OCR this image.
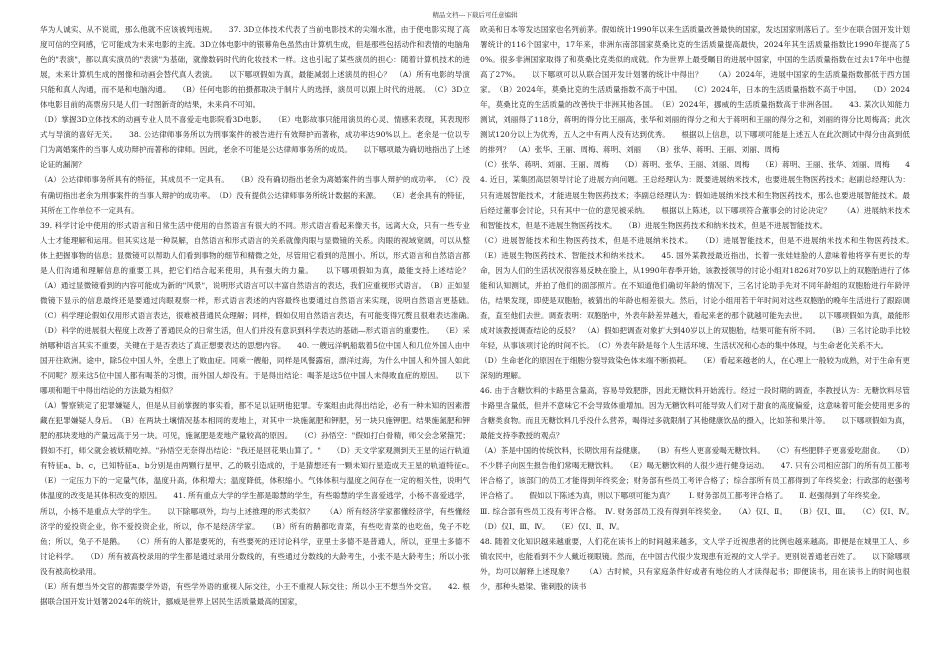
精品文档---下载后可任意编辑

华为人诚实、从不说谎，那么他就不应该被判违规。　　37. 3D立体技术代表了当前电影技术的尖端水准，由于使电影实现了高度可信的空间感，它可能成为未来电影的主流。3D立体电影中的银幕角色虽然由计算机生成，但是那些包括动作和表情的电脑角色的"表演"，都以真实演员的"表演"为基础，就像数码时代的化妆技术一样。这也引起了某些演员的担心：随着计算机技术的进展，未来计算机生成的图像和动画会替代真人表演。　　以下哪项假如为真，最能减弱上述演员的担心？　（A）所有电影的导演只能和真人沟通，而不是和电脑沟通。　　（B）任何电影的拍摄都取决于制片人的选择，演员可以跟上时代的进展。　（C）3D立体电影目前的高票房只是人们一时图新奇的结果，未来尚不可知。

（D）掌握3D立体技术的动画专业人员不喜爱走电影院看3D电影。　　（E）电影故事只能用演员的心灵、情感来表现，其表现形式与导演的喜好无关。　　38. 公达律师事务所以为刑事案件的被告进行有效辩护而著称，成功率达90%以上。老余是一位以专门为离婚案件的当事人成功辩护而著称的律师。因此，老余不可能是公达律师事务所的成员。　　以下哪项最为确切地指出了上述论证的漏洞？

（A）公达律师事务所具有的特征，其成员不一定具有。　　（B）没有确切指出老余为离婚案件的当事人辩护的成功率。　（C）没有确切指出老余为刑事案件的当事人辩护的成功率。　（D）没有提供公达律师事务所统计数据的来源。　　（E）老余具有的特征，其所在工作单位不一定具有。

39. 科学讨论中使用的形式语言和日常生活中使用的自然语言有很大的不同。形式语言看起来像天书，远离大众，只有一些专业人士才能理解和运用。但其实这是一种误解，自然语言和形式语言的关系就像肉眼与显微镜的关系。肉眼的视域宽阔，可以从整体上把握事物的信息；显微镜可以帮助人们看到事物的细节和精微之处，尽管用它看到的范围小。所以，形式语言和自然语言都是人们沟通和理解信息的重要工具，把它们结合起来使用，具有强大的力量。　　以下哪项假如为真，最能支持上述结论？　　（A）通过显微镜看到的内容可能成为新的"风景"，说明形式语言可以丰富自然语言的表达，我们应重视形式语言。　（B）正如显微镜下显示的信息最终还是要通过肉眼观察一样，形式语言表述的内容最终也要通过自然语言来实现，说明自然语言更基础。　　（C）科学理论假如仅用形式语言表达，很难被普通民众理解；同样，假如仅用自然语言表达，有可能变得冗赘且很难表达准确。　　（D）科学的进展很大程度上改善了普通民众的日常生活，但人们并没有意识到科学表达的基础—形式语言的重要性。　　（E）采纳哪种语言其实不重要，关键在于是否表达了真正想要表达的思想内容。　　40. 一艘远洋帆船载着5位中国人和几位外国人由中国开往欧洲。途中，除5位中国人外，全患上了败血症。同乘一艘船，同样是风餐露宿，漂洋过海，为什么中国人和外国人如此不同呢？原来这5位中国人都有喝茶的习惯，而外国人却没有。于是得出结论：喝茶是这5位中国人未得败血症的原因。　　以下哪项和题干中得出结论的方法最为相似？

（A）警察锁定了犯罪嫌疑人，但是从目前掌握的事实看，都不足以证明他犯罪。专案组由此得出结论，必有一种未知的因素潜藏在犯罪嫌疑人身后。　（B）在两块土壤情况基本相同的麦地上，对其中一块施氮肥和钾肥，另一块只施钾肥。结果施氮肥和钾肥的那块麦地的产量远高于另一块。可见，施氮肥是麦地产量较高的原因。　　（C）孙悟空："假如打白骨精，师父会念紧箍咒；假如不打，师父就会被妖精吃掉。"孙悟空无奈得出结论："我还是回花果山算了。"　　（D）天文学家观测到天王星的运行轨道有特征a、b、c，已知特征a、b分别是由两颗行星甲、乙的吸引造成的，于是猜想还有一颗未知行星造成天王星的轨道特征c。　　（E）一定压力下的一定量气体，温度升高，体积增大；温度降低，体积缩小。气体体积与温度之间存在一定的相关性，说明气体温度的改变是其体积改变的原因。　　41. 所有重点大学的学生都是聪慧的学生，有些聪慧的学生喜爱逃学，小杨不喜爱逃学，所以，小杨不是重点大学的学生。　　以下除哪项外，均与上述推理的形式类似？　　（A）所有经济学家都懂经济学，有些懂经济学的爱投资企业，你不爱投资企业，所以，你不是经济学家。　　（B）所有的鹅都吃青菜，有些吃青菜的也吃鱼，兔子不吃鱼；所以，兔子不是鹅。　　（C）所有的人都是要死的，有些要死的还讨论科学，亚里士多德不是普通人，所以，亚里士多德不讨论科学。　　（D）所有被高校录用的学生都是通过录用分数线的，有些通过分数线的大龄考生，小张不是大龄考生；所以小张没有被高校录用。

（E）所有想当外交官的都需要学外语，有些学外语的重视人际交往，小王不重视人际交往；所以小王不想当外交官。　　42. 根据联合国开发计划署2024年的统计，挪威是世界上居民生活质量最高的国家，

欧美和日本等发达国家也名列前茅。假如统计1990年以来生活质量改善最快的国家，发达国家则落后了。至少在联合国开发计划署统计的116个国家中，17年来，非洲东南部国家莫桑比克的生活质量提高最快，2024年其生活质量指数比1990年提高了50%。很多非洲国家取得了和莫桑比克类似的成就。作为世界上最受瞩目的进展中国家，中国的生活质量指数在过去17年中也提高了27%。　　以下哪项可以从联合国开发计划署的统计中得出？　　（A）2024年，进展中国家的生活质量指数都低于西方国家。　（B）2024年，莫桑比克的生活质量指数不高于中国。　　（C）2024年，日本的生活质量指数不高于中国。　　（D）2024年，莫桑比克的生活质量的改善快于非洲其他各国。　（E）2024年，挪威的生活质量指数高于非洲各国。　　43. 某次认知能力测试，刘丽得了118分，蒋明的得分比王丽高，张华和刘丽的得分之和大于蒋明和王丽的得分之和，刘丽的得分比周梅高；此次测试120分以上为优秀，五人之中有两人没有达到优秀。　　根据以上信息，以下哪项可能是上述五人在此次测试中得分由高到低的排列？　（A）张华、王丽、周梅、蒋明、刘丽　　（B）张华、蒋明、王丽、刘丽、周梅

（C）张华、蒋明、刘丽、王丽、周梅　　（D）蒋明、张华、王丽、刘丽、周梅　　（E）蒋明、王丽、张华、刘丽、周梅　　44. 近日，某集团高层领导讨论了进展方向问题。王总经理认为：既要进展纳米技术，也要进展生物医药技术；赵副总经理认为：只有进展智能技术，才能进展生物医药技术；李副总经理认为：假如进展纳米技术和生物医药技术，那么也要进展智能技术。最后经过董事会讨论，只有其中一位的意见被采纳。　　根据以上陈述，以下哪项符合董事会的讨论决定？　　（A）进展纳米技术和智能技术，但是不进展生物医药技术。　　（B）进展生物医药技术和纳米技术，但是不进展智能技术。

（C）进展智能技术和生物医药技术，但是不进展纳米技术。　　（D）进展智能技术，但是不进展纳米技术和生物医药技术。　　（E）进展生物医药技术、智能技术和纳米技术。　　45. 国外某教授最近指出，长着一张娃娃脸的人意味着他将享有更长的寿命，因为人们的生活状况很容易反映在脸上，从1990年春季开始，该教授领导的讨论小组对1826对70岁以上的双胞胎进行了体能和认知测试，并拍了他们的面部照片。在不知道他们确切年龄的情况下，三名讨论助手先对不同年龄组的双胞胎进行年龄评估，结果发现，即使是双胞胎，被猜出的年龄也相差很大。然后，讨论小组用若干年时间对这些双胞胎的晚年生活进行了跟踪调查，直至他们去世。调查表明：双胞胎中，外表年龄差异越大，看起来老的那个就越可能先去世。　　以下哪项假如为真，最能形成对该教授调查结论的反驳？　（A）假如把调查对象扩大到40岁以上的双胞胎，结果可能有所不同。　　（B）三名讨论助手比较年轻，从事该项讨论的时间不长。　（C）外表年龄是每个人生活环境、生活状况和心态的集中体现，与生命老化关系不大。

（D）生命老化的原因在于细胞分裂导致染色体末端不断损耗。　　（E）看起来越老的人，在心理上一般较为成熟，对于生命有更深刻的理解。

46. 由于含糖饮料的卡路里含量高，容易导致肥胖，因此无糖饮料开始流行。经过一段时期的调查，李教授认为：无糖饮料尽管卡路里含量低，但并不意味它不会导致体重增加。因为无糖饮料可能导致人们对于甜食的高度偏爱，这意味着可能会使用更多的含糖类食物。而且无糖饮料几乎没什么营养，喝得过多就限制了其他健康饮品的摄入，比如茶和果汁等。　　以下哪项假如为真，最能支持李教授的观点？

（A）茶是中国的传统饮料，长期饮用有益健康。　　（B）有些人更喜爱喝无糖饮料。　　（C）有些肥胖子更喜爱吃甜食。　　（D）不少胖子向医生报告他们常喝无糖饮料。　　（E）喝无糖饮料的人很少进行健身运动。　　47. 只有公司相应部门的所有员工都考评合格了，该部门的员工才能得到年终奖金；财务部有些员工考评合格了；综合部所有员工都得到了年终奖金；行政部的赵强考评合格了。　　假如以下陈述为真，则以下哪项可能为真？　　Ⅰ. 财务部员工都考评合格了。　　Ⅱ. 赵强得到了年终奖金。

Ⅲ. 综合部有些员工没有考评合格。　Ⅳ. 财务部员工没有得到年终奖金。　　（A）仅Ⅰ、Ⅱ。　　（B）仅Ⅰ、Ⅲ。　　（C）仅Ⅰ、Ⅳ。　　（D）仅Ⅰ、Ⅲ、Ⅳ。　　（E）仅Ⅰ、Ⅱ、Ⅳ。

48. 随着文化知识越来越重要，人们花在读书上的时间越来越多，文人学子近视患者的比例也越来越高。即便是在城里工人、乡镇农民中，也能看到不少人戴近视眼镜。然而，在中国古代很少发现患有近视的文人学子。更别说普通老百姓了。　　以下除哪项外，均可以解释上述现象？　　（A）古时候，只有家庭条件好或者有地位的人才读得起书；即便读书，用在读书上的时间也很少，那种头悬梁、锥刺股的读书
